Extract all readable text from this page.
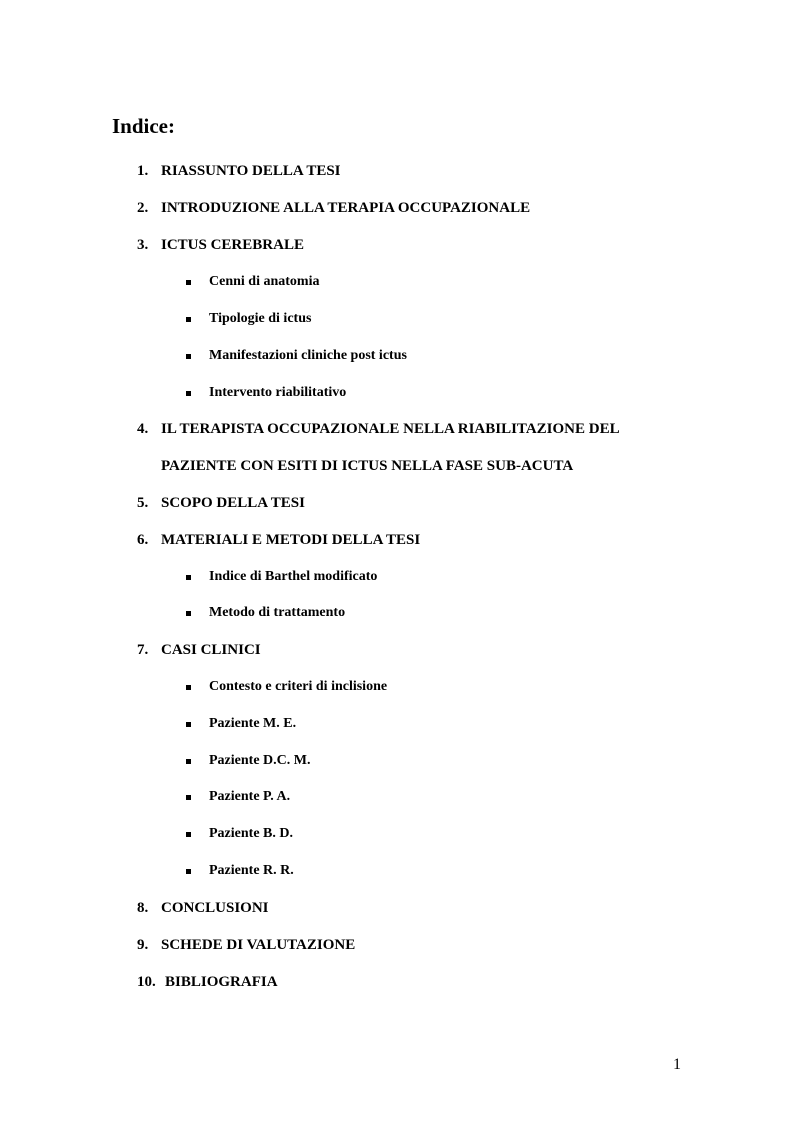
Indice:
1. RIASSUNTO DELLA TESI
2. INTRODUZIONE ALLA TERAPIA OCCUPAZIONALE
3. ICTUS CEREBRALE
Cenni di anatomia
Tipologie di ictus
Manifestazioni cliniche post ictus
Intervento riabilitativo
4. IL TERAPISTA OCCUPAZIONALE NELLA RIABILITAZIONE DEL
PAZIENTE CON ESITI DI ICTUS NELLA FASE SUB-ACUTA
5. SCOPO DELLA TESI
6. MATERIALI E METODI DELLA TESI
Indice di Barthel modificato
Metodo di trattamento
7. CASI CLINICI
Contesto e criteri di inclisione
Paziente M. E.
Paziente D.C. M.
Paziente P. A.
Paziente B. D.
Paziente R. R.
8. CONCLUSIONI
9. SCHEDE DI VALUTAZIONE
10. BIBLIOGRAFIA
1
